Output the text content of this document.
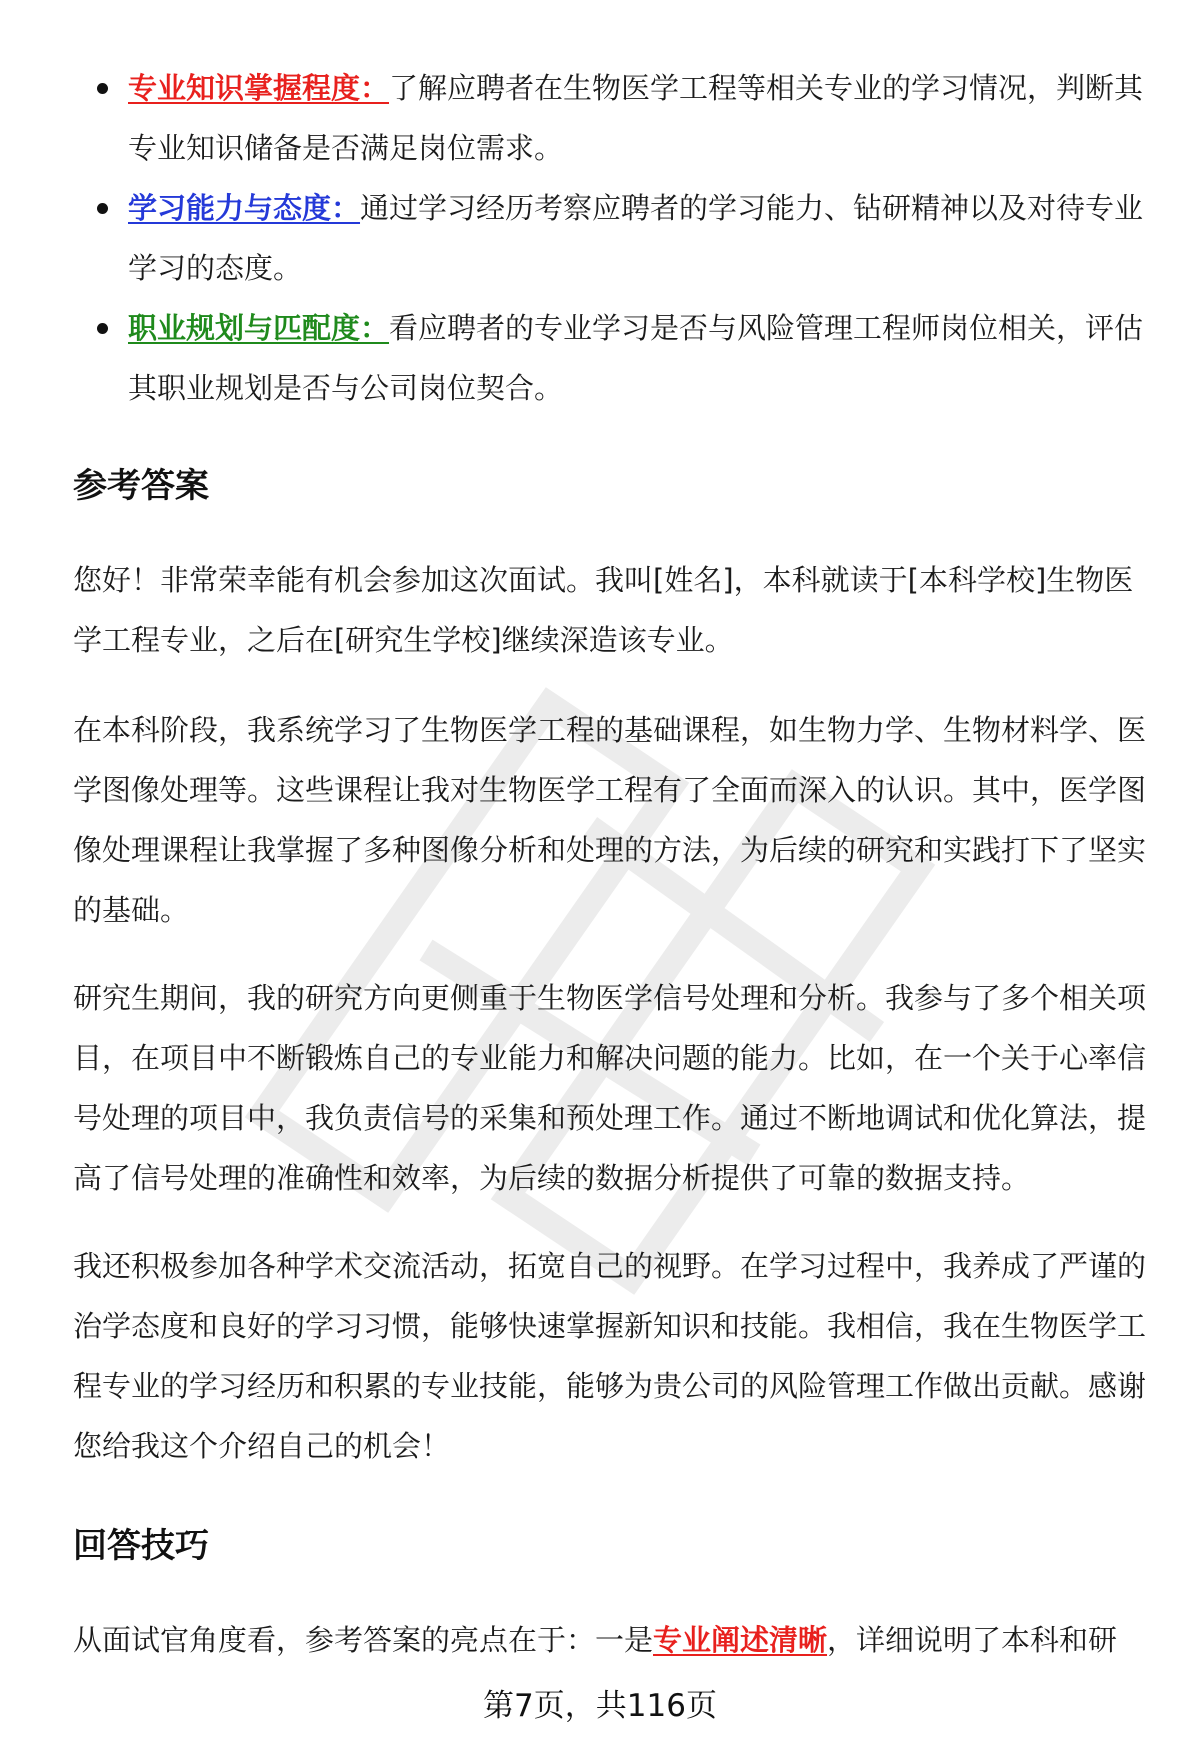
专业知识掌握程度：了解应聘者在生物医学工程等相关专业的学习情况，判断其专业知识储备是否满足岗位需求。
学习能力与态度：通过学习经历考察应聘者的学习能力、钻研精神以及对待专业学习的态度。
职业规划与匹配度：看应聘者的专业学习是否与风险管理工程师岗位相关，评估其职业规划是否与公司岗位契合。
参考答案

您好！非常荣幸能有机会参加这次面试。我叫[姓名]，本科就读于[本科学校]生物医学工程专业，之后在[研究生学校]继续深造该专业。

在本科阶段，我系统学习了生物医学工程的基础课程，如生物力学、生物材料学、医学图像处理等。这些课程让我对生物医学工程有了全面而深入的认识。其中，医学图像处理课程让我掌握了多种图像分析和处理的方法，为后续的研究和实践打下了坚实的基础。

研究生期间，我的研究方向更侧重于生物医学信号处理和分析。我参与了多个相关项目，在项目中不断锻炼自己的专业能力和解决问题的能力。比如，在一个关于心率信号处理的项目中，我负责信号的采集和预处理工作。通过不断地调试和优化算法，提高了信号处理的准确性和效率，为后续的数据分析提供了可靠的数据支持。

我还积极参加各种学术交流活动，拓宽自己的视野。在学习过程中，我养成了严谨的治学态度和良好的学习习惯，能够快速掌握新知识和技能。我相信，我在生物医学工程专业的学习经历和积累的专业技能，能够为贵公司的风险管理工作做出贡献。感谢您给我这个介绍自己的机会！

回答技巧

从面试官角度看，参考答案的亮点在于：一是专业阐述清晰，详细说明了本科和研

第7页，共116页
